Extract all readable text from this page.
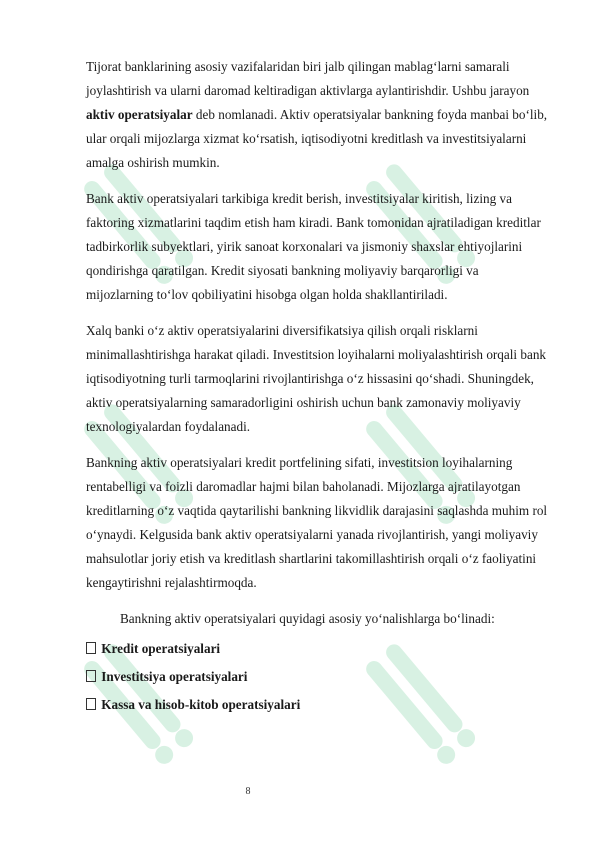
Tijorat banklarining asosiy vazifalaridan biri jalb qilingan mablag‘larni samarali joylashtirish va ularni daromad keltiradigan aktivlarga aylantirishdir. Ushbu jarayon aktiv operatsiyalar deb nomlanadi. Aktiv operatsiyalar bankning foyda manbai bo‘lib, ular orqali mijozlarga xizmat ko‘rsatish, iqtisodiyotni kreditlash va investitsiyalarni amalga oshirish mumkin.

Bank aktiv operatsiyalari tarkibiga kredit berish, investitsiyalar kiritish, lizing va faktoring xizmatlarini taqdim etish ham kiradi. Bank tomonidan ajratiladigan kreditlar tadbirkorlik subyektlari, yirik sanoat korxonalari va jismoniy shaxslar ehtiyojlarini qondirishga qaratilgan. Kredit siyosati bankning moliyaviy barqarorligi va mijozlarning to‘lov qobiliyatini hisobga olgan holda shakllantiriladi.

Xalq banki o‘z aktiv operatsiyalarini diversifikatsiya qilish orqali risklarni minimallashtirishga harakat qiladi. Investitsion loyihalarni moliyalashtirish orqali bank iqtisodiyotning turli tarmoqlarini rivojlantirishga o‘z hissasini qo‘shadi. Shuningdek, aktiv operatsiyalarning samaradorligini oshirish uchun bank zamonaviy moliyaviy texnologiyalardan foydalanadi.

Bankning aktiv operatsiyalari kredit portfelining sifati, investitsion loyihalarning rentabelligi va foizli daromadlar hajmi bilan baholanadi. Mijozlarga ajratilayotgan kreditlarning o‘z vaqtida qaytarilishi bankning likvidlik darajasini saqlashda muhim rol o‘ynaydi. Kelgusida bank aktiv operatsiyalarni yanada rivojlantirish, yangi moliyaviy mahsulotlar joriy etish va kreditlash shartlarini takomillashtirish orqali o‘z faoliyatini kengaytirishni rejalashtirmoqda.

Bankning aktiv operatsiyalari quyidagi asosiy yo‘nalishlarga bo‘linadi:

Kredit operatsiyalari
Investitsiya operatsiyalari
Kassa va hisob-kitob operatsiyalari
8
